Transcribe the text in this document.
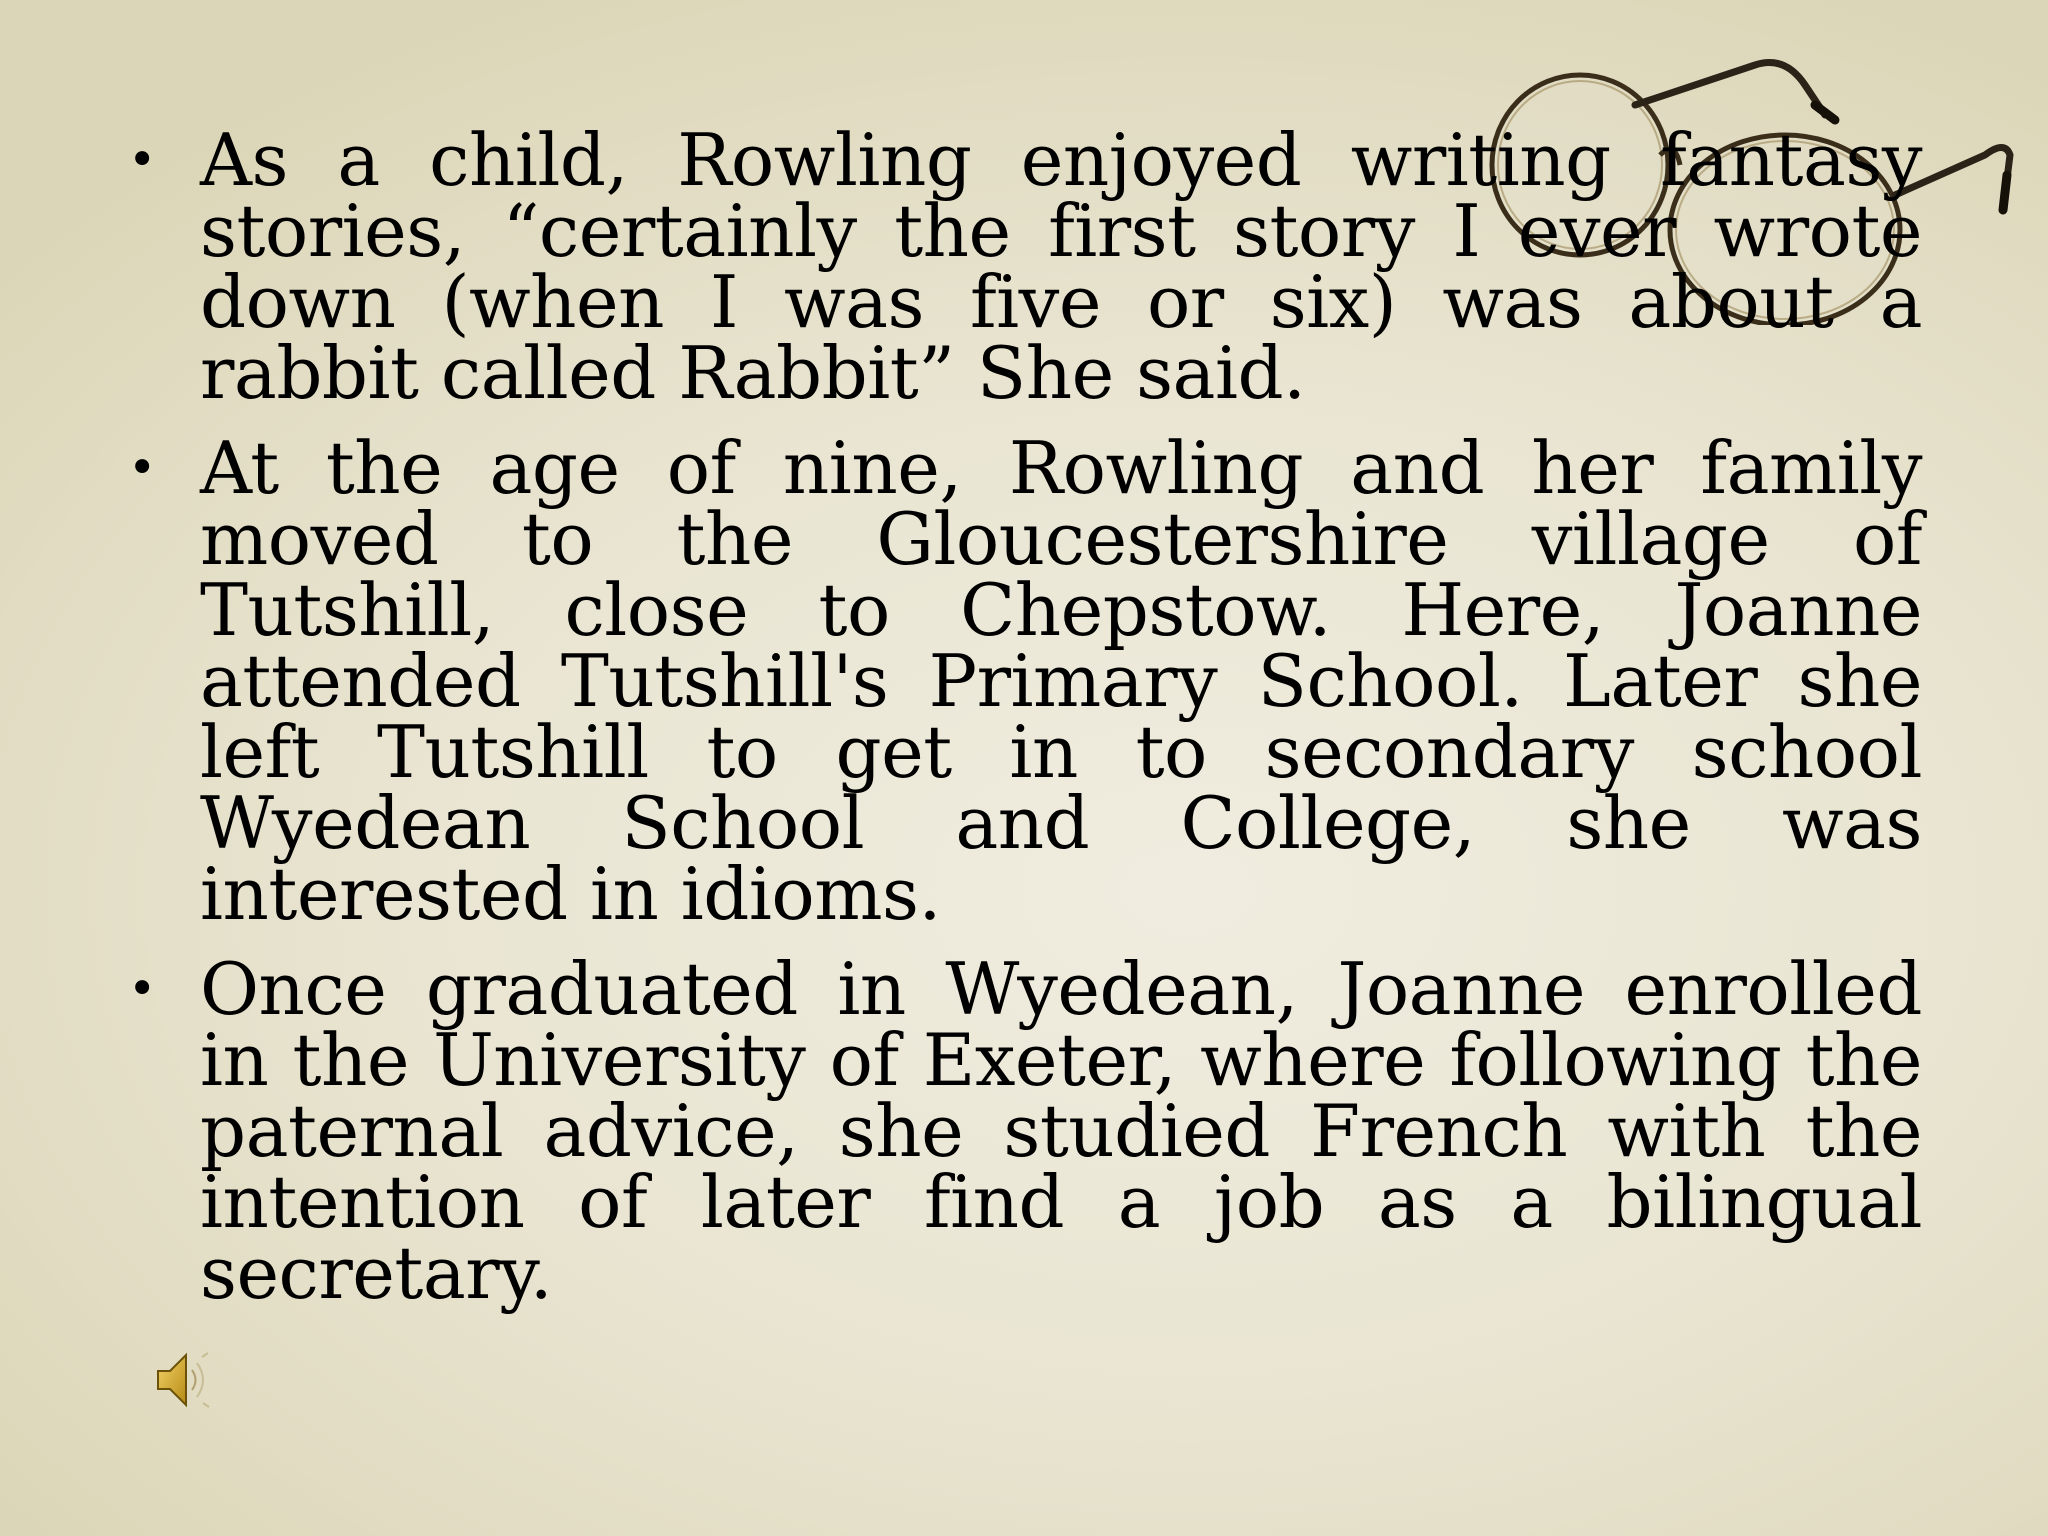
• As a child, Rowling enjoyed writing fantasy stories, “certainly the first story I ever wrote down (when I was five or six) was about a rabbit called Rabbit” She said.
• At the age of nine, Rowling and her family moved to the Gloucestershire village of Tutshill, close to Chepstow. Here, Joanne attended Tutshill's Primary School. Later she left Tutshill to get in to secondary school Wyedean School and College, she was interested in idioms.
• Once graduated in Wyedean, Joanne enrolled in the University of Exeter, where following the paternal advice, she studied French with the intention of later find a job as a bilingual secretary.
